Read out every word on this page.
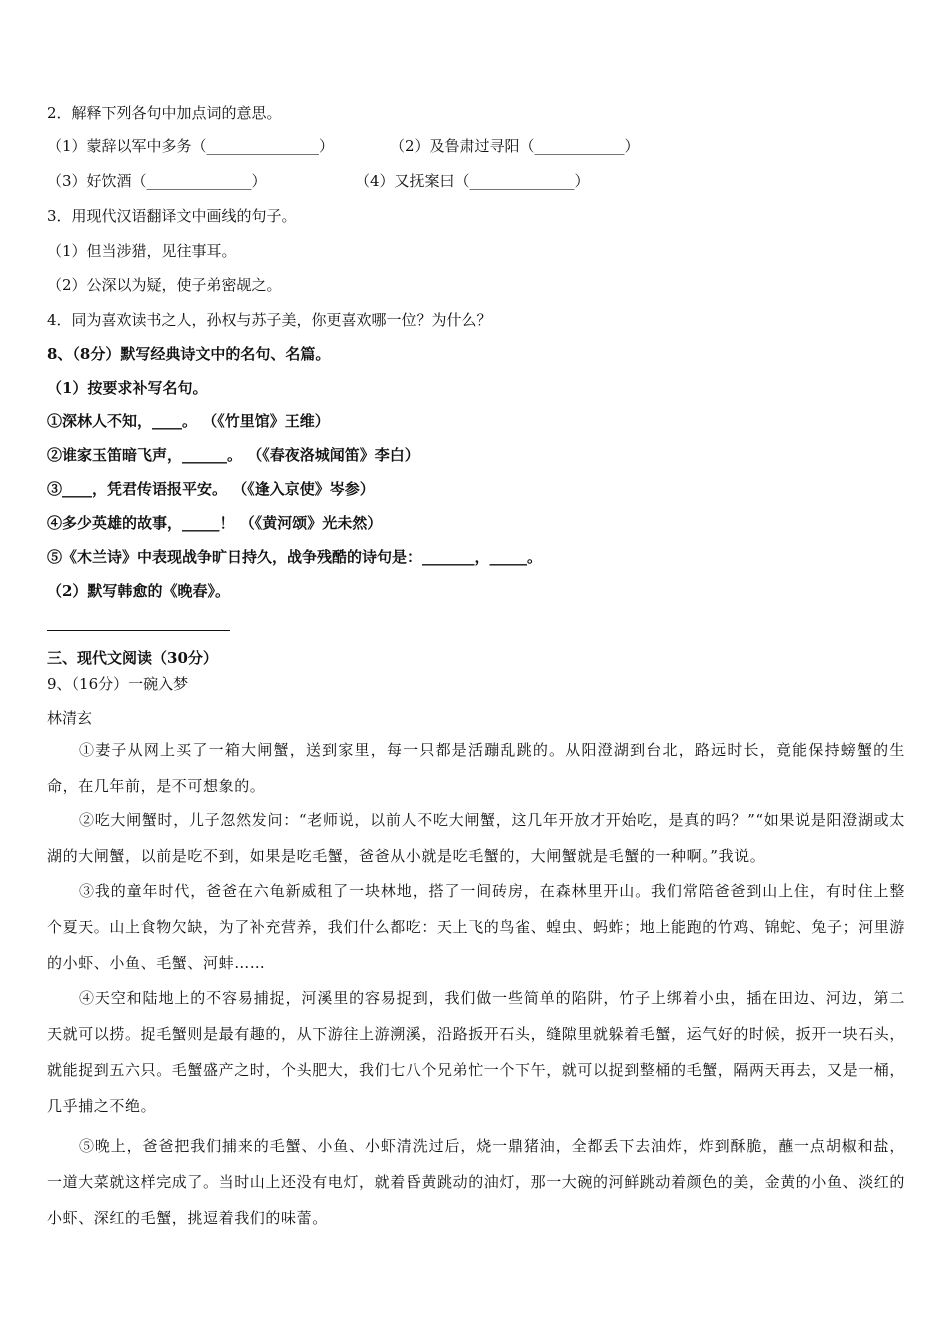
2．解释下列各句中加点词的意思。
（1）蒙辞以军中多务（_______________）	（2）及鲁肃过寻阳（____________）
（3）好饮酒（______________）	（4）又抚案曰（______________）
3．用现代汉语翻译文中画线的句子。
（1）但当涉猎，见往事耳。
（2）公深以为疑，使子弟密觇之。
4．同为喜欢读书之人，孙权与苏子美，你更喜欢哪一位？为什么？
8、（8分）默写经典诗文中的名句、名篇。
（1）按要求补写名句。
①深林人不知，____。 （《竹里馆》王维）
②谁家玉笛暗飞声，______。 （《春夜洛城闻笛》李白）
③____，凭君传语报平安。 （《逢入京使》岑参）
④多少英雄的故事，_____！ （《黄河颂》光未然）
⑤《木兰诗》中表现战争旷日持久，战争残酷的诗句是：_______，_____。
（2）默写韩愈的《晚春》。
三、现代文阅读（30分）
9、（16分）一碗入梦
林清玄
①妻子从网上买了一箱大闸蟹，送到家里，每一只都是活蹦乱跳的。从阳澄湖到台北，路远时长，竟能保持螃蟹的生命，在几年前，是不可想象的。
②吃大闸蟹时，儿子忽然发问：“老师说，以前人不吃大闸蟹，这几年开放才开始吃，是真的吗？”“如果说是阳澄湖或太湖的大闸蟹，以前是吃不到，如果是吃毛蟹，爸爸从小就是吃毛蟹的，大闸蟹就是毛蟹的一种啊。”我说。
③我的童年时代，爸爸在六龟新威租了一块林地，搭了一间砖房，在森林里开山。我们常陪爸爸到山上住，有时住上整个夏天。山上食物欠缺，为了补充营养，我们什么都吃：天上飞的鸟雀、蝗虫、蚂蚱；地上能跑的竹鸡、锦蛇、兔子；河里游的小虾、小鱼、毛蟹、河蚌……
④天空和陆地上的不容易捕捉，河溪里的容易捉到，我们做一些简单的陷阱，竹子上绑着小虫，插在田边、河边，第二天就可以捞。捉毛蟹则是最有趣的，从下游往上游溯溪，沿路扳开石头，缝隙里就躲着毛蟹，运气好的时候，扳开一块石头，就能捉到五六只。毛蟹盛产之时，个头肥大，我们七八个兄弟忙一个下午，就可以捉到整桶的毛蟹，隔两天再去，又是一桶，几乎捕之不绝。
⑤晚上，爸爸把我们捕来的毛蟹、小鱼、小虾清洗过后，烧一鼎猪油，全都丢下去油炸，炸到酥脆，蘸一点胡椒和盐，一道大菜就这样完成了。当时山上还没有电灯，就着昏黄跳动的油灯，那一大碗的河鲜跳动着颜色的美，金黄的小鱼、淡红的小虾、深红的毛蟹，挑逗着我们的味蕾。
